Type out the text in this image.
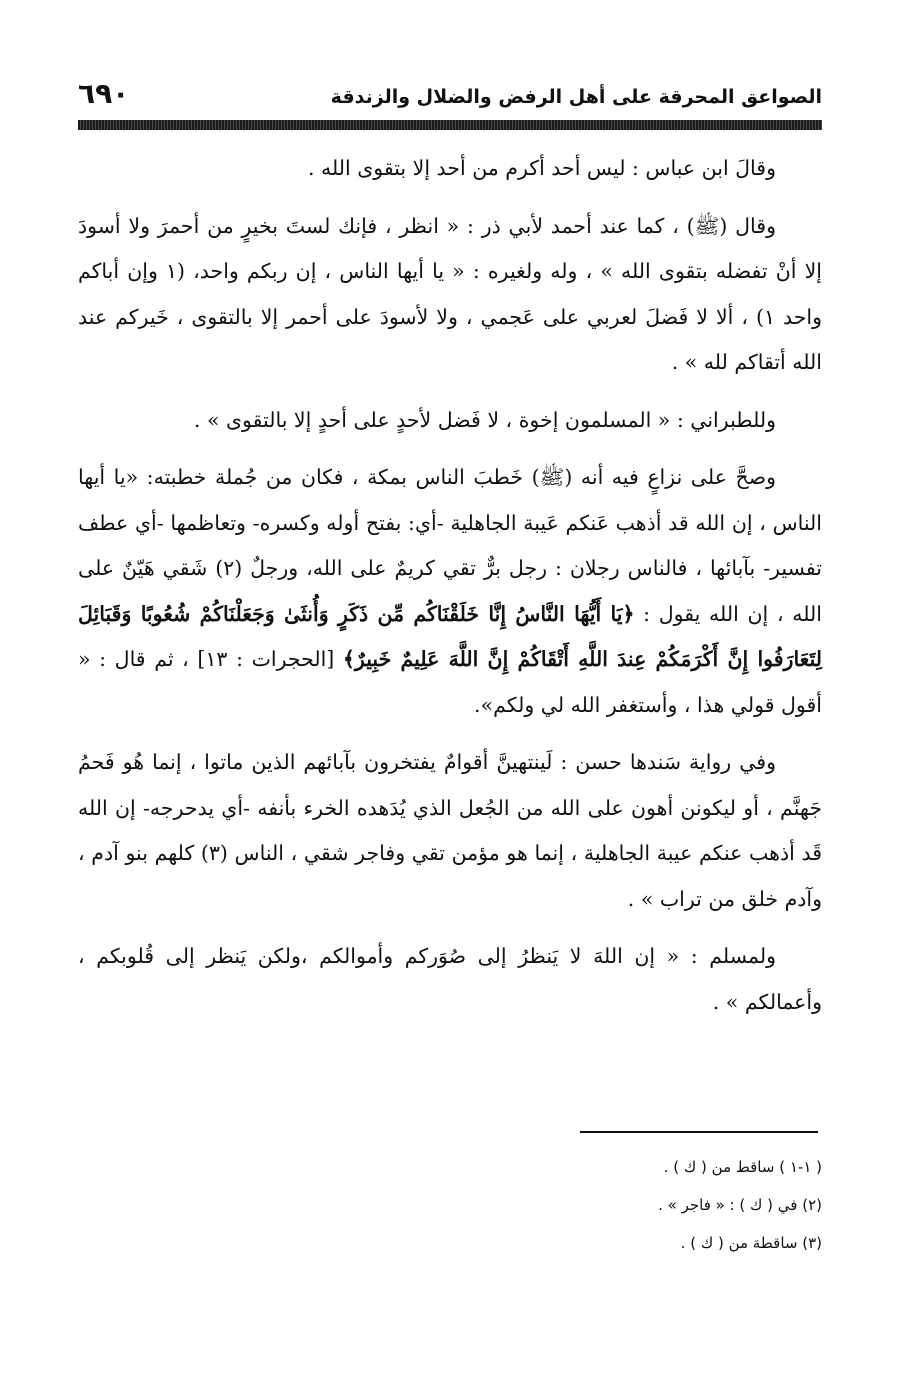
الصواعق المحرقة على أهل الرفض والضلال والزندقة
٦٩٠

وقالَ ابن عباس : ليس أحد أكرم من أحد إلا بتقوى الله .

وقال (ﷺ) ، كما عند أحمد لأبي ذر : « انظر ، فإنك لستَ بخيرٍ من أحمرَ ولا أسودَ إلا أنْ تفضله بتقوى الله » ، وله ولغيره : « يا أيها الناس ، إن ربكم واحد، (١ وإن أباكم واحد ١) ، ألا لا فَضلَ لعربي على عَجمي ، ولا لأسودَ على أحمر إلا بالتقوى ، خَيركم عند الله أتقاكم لله » .

وللطبراني : « المسلمون إخوة ، لا فَضل لأحدٍ على أحدٍ إلا بالتقوى » .

وصحَّ على نزاعٍ فيه أنه (ﷺ) خَطبَ الناس بمكة ، فكان من جُملة خطبته: «يا أيها الناس ، إن الله قد أذهب عَنكم عَيبة الجاهلية -أي: بفتح أوله وكسره- وتعاظمها -أي عطف تفسير- بآبائها ، فالناس رجلان : رجل برٌّ تقي كريمٌ على الله، ورجلٌ (٢) شَقي هَيّنٌ على الله ، إن الله يقول : ﴿يَا أَيُّهَا النَّاسُ إِنَّا خَلَقْنَاكُم مِّن ذَكَرٍ وَأُنثَىٰ وَجَعَلْنَاكُمْ شُعُوبًا وَقَبَائِلَ لِتَعَارَفُوا إِنَّ أَكْرَمَكُمْ عِندَ اللَّهِ أَتْقَاكُمْ إِنَّ اللَّهَ عَلِيمٌ خَبِيرٌ﴾ [الحجرات : ١٣] ، ثم قال : « أقول قولي هذا ، وأستغفر الله لي ولكم».

وفي رواية سَندها حسن : لَينتهينَّ أقوامٌ يفتخرون بآبائهم الذين ماتوا ، إنما هُو فَحمُ جَهنَّم ، أو ليكونن أهون على الله من الجُعل الذي يُدَهده الخرء بأنفه -أي يدحرجه- إن الله قَد أذهب عنكم عيبة الجاهلية ، إنما هو مؤمن تقي وفاجر شقي ، الناس (٣) كلهم بنو آدم ، وآدم خلق من تراب » .

ولمسلم : « إن اللهَ لا يَنظرُ إلى صُوَركم وأموالكم ،ولكن يَنظر إلى قُلوبكم ، وأعمالكم » .

( ١-١ ) ساقط من ( ك ) .
(٢) في ( ك ) : « فاجر » .
(٣) ساقطة من ( ك ) .
